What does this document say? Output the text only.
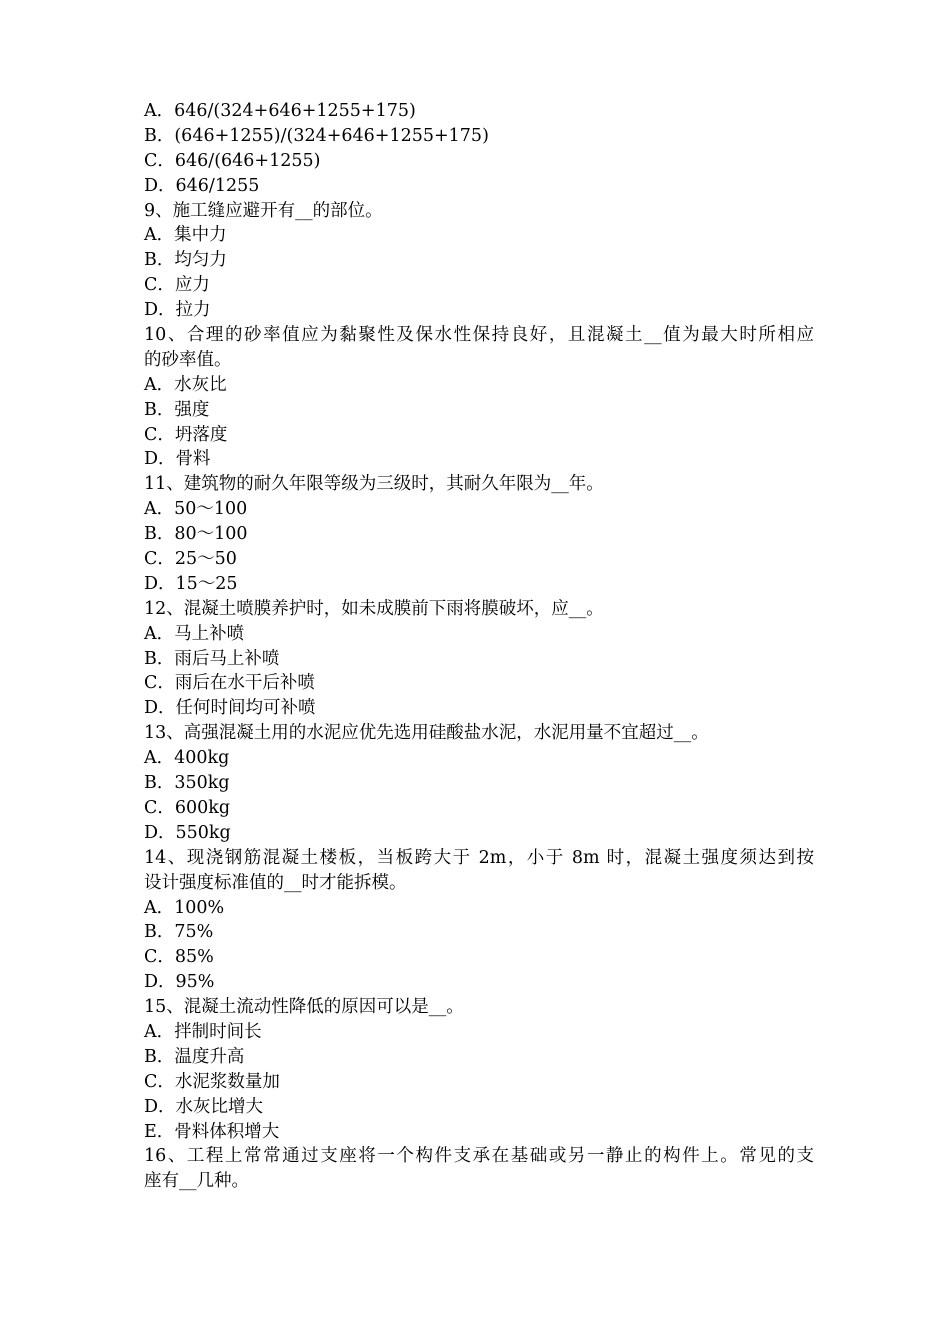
A．646/(324+646+1255+175)
B．(646+1255)/(324+646+1255+175)
C．646/(646+1255)
D．646/1255
9、施工缝应避开有__的部位。
A．集中力
B．均匀力
C．应力
D．拉力
10、合理的砂率值应为黏聚性及保水性保持良好，且混凝土__值为最大时所相应
的砂率值。
A．水灰比
B．强度
C．坍落度
D．骨料
11、建筑物的耐久年限等级为三级时，其耐久年限为__年。
A．50～100
B．80～100
C．25～50
D．15～25
12、混凝土喷膜养护时，如未成膜前下雨将膜破坏，应__。
A．马上补喷
B．雨后马上补喷
C．雨后在水干后补喷
D．任何时间均可补喷
13、高强混凝土用的水泥应优先选用硅酸盐水泥，水泥用量不宜超过__。
A．400kg
B．350kg
C．600kg
D．550kg
14、现浇钢筋混凝土楼板，当板跨大于 2m，小于 8m 时，混凝土强度须达到按
设计强度标准值的__时才能拆模。
A．100%
B．75%
C．85%
D．95%
15、混凝土流动性降低的原因可以是__。
A．拌制时间长
B．温度升高
C．水泥浆数量加
D．水灰比增大
E．骨料体积增大
16、工程上常常通过支座将一个构件支承在基础或另一静止的构件上。常见的支
座有__几种。
